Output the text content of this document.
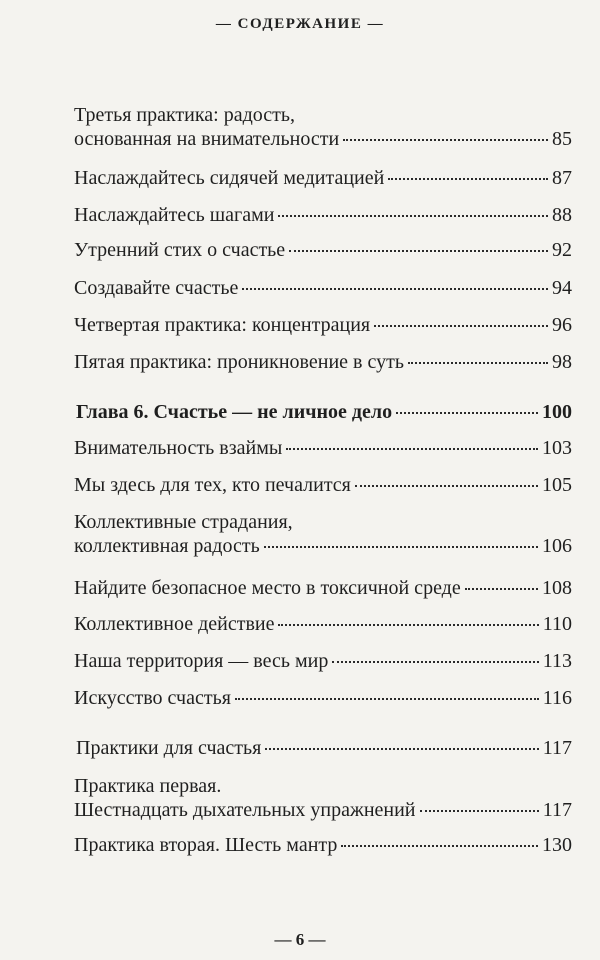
— СОДЕРЖАНИЕ —
Третья практика: радость,
основанная на внимательности	85
Наслаждайтесь сидячей медитацией	87
Наслаждайтесь шагами	88
Утренний стих о счастье	92
Создавайте счастье	94
Четвертая практика: концентрация	96
Пятая практика: проникновение в суть	98
Глава 6. Счастье — не личное дело	100
Внимательность взаймы	103
Мы здесь для тех, кто печалится	105
Коллективные страдания,
коллективная радость	106
Найдите безопасное место в токсичной среде	108
Коллективное действие	110
Наша территория — весь мир	113
Искусство счастья	116
Практики для счастья	117
Практика первая.
Шестнадцать дыхательных упражнений	117
Практика вторая. Шесть мантр	130
— 6 —
